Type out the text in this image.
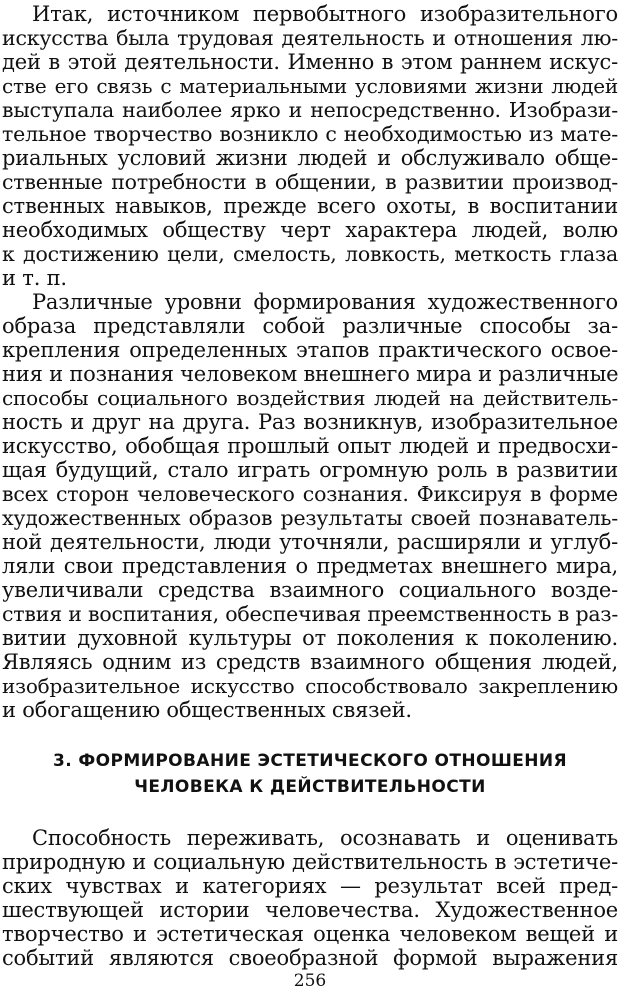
Итак, источником первобытного изобразительного
искусства была трудовая деятельность и отношения лю-
дей в этой деятельности. Именно в этом раннем искус-
стве его связь с материальными условиями жизни людей
выступала наиболее ярко и непосредственно. Изобрази-
тельное творчество возникло с необходимостью из мате-
риальных условий жизни людей и обслуживало обще-
ственные потребности в общении, в развитии производ-
ственных навыков, прежде всего охоты, в воспитании
необходимых обществу черт характера людей, волю
к достижению цели, смелость, ловкость, меткость глаза
и т. п.
Различные уровни формирования художественного
образа представляли собой различные способы за-
крепления определенных этапов практического освое-
ния и познания человеком внешнего мира и различные
способы социального воздействия людей на действитель-
ность и друг на друга. Раз возникнув, изобразительное
искусство, обобщая прошлый опыт людей и предвосхи-
щая будущий, стало играть огромную роль в развитии
всех сторон человеческого сознания. Фиксируя в форме
художественных образов результаты своей познаватель-
ной деятельности, люди уточняли, расширяли и углуб-
ляли свои представления о предметах внешнего мира,
увеличивали средства взаимного социального возде-
ствия и воспитания, обеспечивая преемственность в раз-
витии духовной культуры от поколения к поколению.
Являясь одним из средств взаимного общения людей,
изобразительное искусство способствовало закреплению
и обогащению общественных связей.
3. ФОРМИРОВАНИЕ ЭСТЕТИЧЕСКОГО ОТНОШЕНИЯ
ЧЕЛОВЕКА К ДЕЙСТВИТЕЛЬНОСТИ
Способность переживать, осознавать и оценивать
природную и социальную действительность в эстетиче-
ских чувствах и категориях — результат всей пред-
шествующей истории человечества. Художественное
творчество и эстетическая оценка человеком вещей и
событий являются своеобразной формой выражения
256
